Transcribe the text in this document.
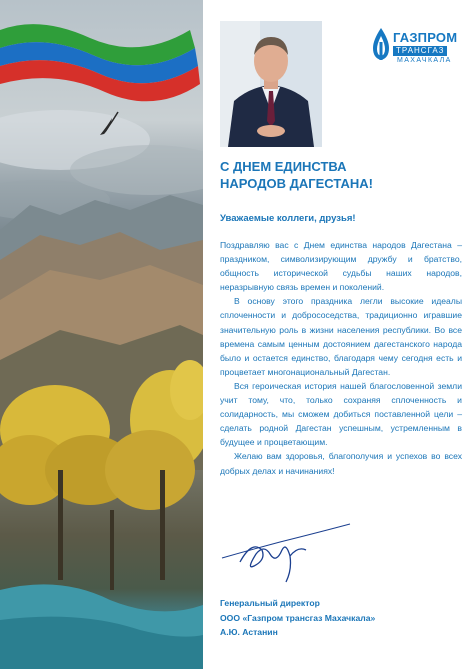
ГАЗПРОМ
ТРАНСГАЗ
МАХАЧКАЛА
С ДНЕМ ЕДИНСТВА
НАРОДОВ ДАГЕСТАНА!
Уважаемые коллеги, друзья!

Поздравляю вас с Днем единства народов Дагестана – праздником, символизирующим дружбу и братство, общность исторической судьбы наших народов, неразрывную связь времен и поколений.

В основу этого праздника легли высокие идеалы сплоченности и добрососедства, традиционно игравшие значительную роль в жизни населения республики. Во все времена самым ценным достоянием дагестанского народа было и остается единство, благодаря чему сегодня есть и процветает многонациональный Дагестан.

Вся героическая история нашей благословенной земли учит тому, что, только сохраняя сплоченность и солидарность, мы сможем добиться поставленной цели – сделать родной Дагестан успешным, устремленным в будущее и процветающим.

Желаю вам здоровья, благополучия и успехов во всех добрых делах и начинаниях!

Генеральный директор
ООО «Газпром трансгаз Махачкала»
А.Ю. Астанин
